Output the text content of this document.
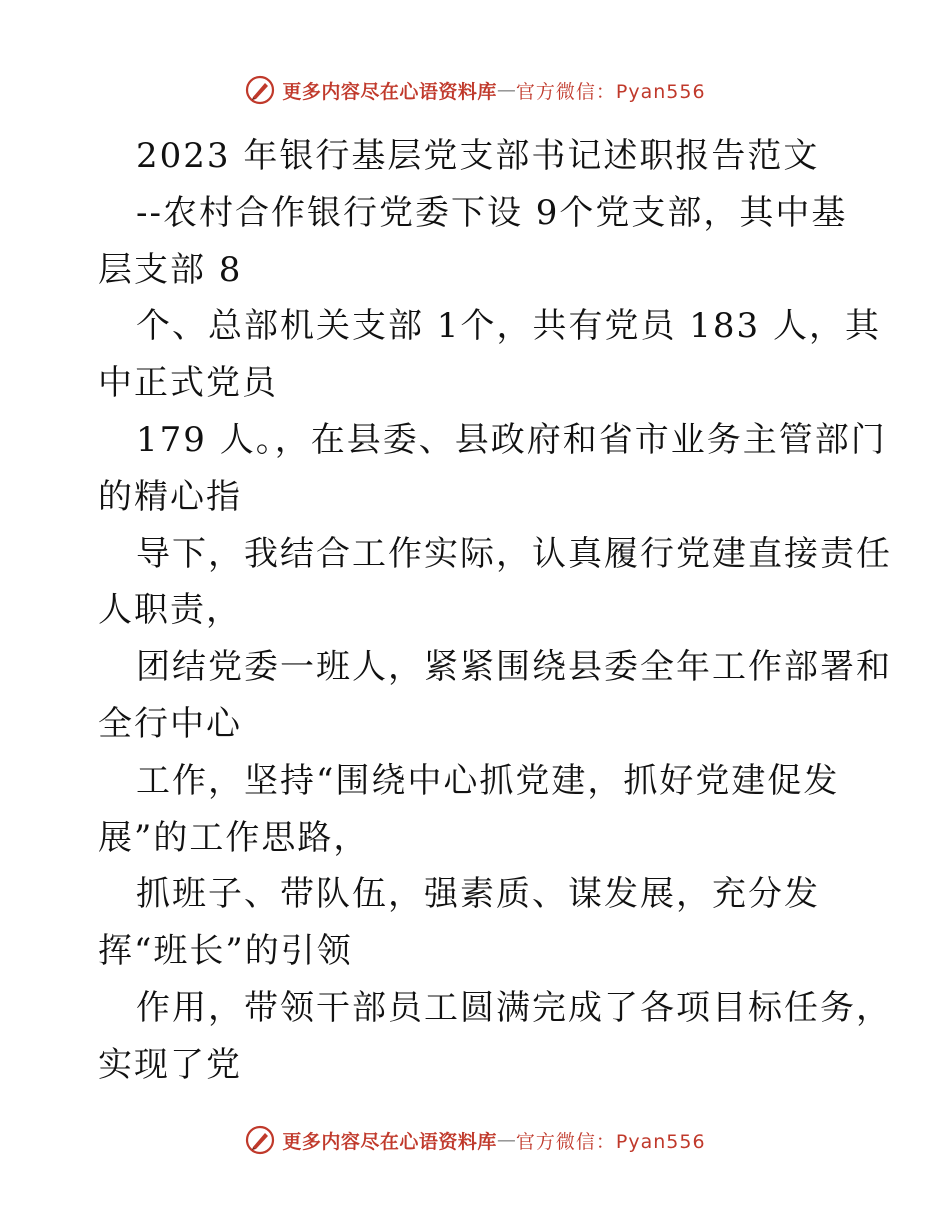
更多内容尽在心语资料库 — 官方微信：Pyan556
2023 年银行基层党支部书记述职报告范文
--农村合作银行党委下设 9个党支部，其中基
层支部 8
个、总部机关支部 1个，共有党员 183 人，其
中正式党员
179 人。，在县委、县政府和省市业务主管部门
的精心指
导下，我结合工作实际，认真履行党建直接责任
人职责，
团结党委一班人，紧紧围绕县委全年工作部署和
全行中心
工作，坚持“围绕中心抓党建，抓好党建促发
展”的工作思路，
抓班子、带队伍，强素质、谋发展，充分发
挥“班长”的引领
作用，带领干部员工圆满完成了各项目标任务，
实现了党
更多内容尽在心语资料库 — 官方微信：Pyan556
